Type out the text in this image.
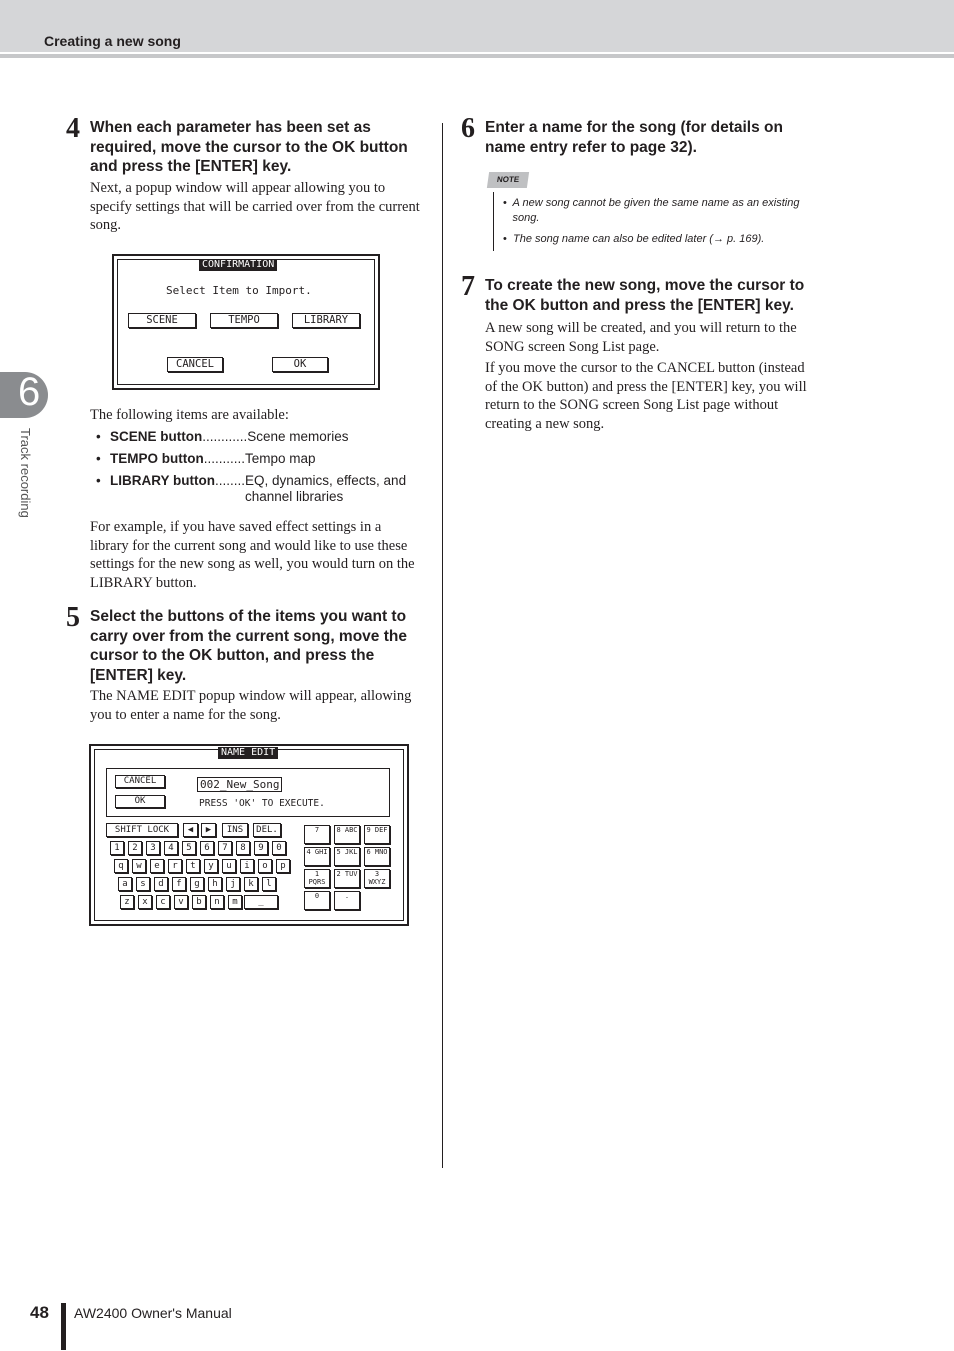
Creating a new song
6
Track recording
4 When each parameter has been set as required, move the cursor to the OK button and press the [ENTER] key.
Next, a popup window will appear allowing you to specify settings that will be carried over from the current song.
CONFIRMATION
Select Item to Import.
SCENE	TEMPO	LIBRARY
CANCEL	OK
The following items are available:
• SCENE button ............ Scene memories
• TEMPO button ........... Tempo map
• LIBRARY button ........ EQ, dynamics, effects, and channel libraries
For example, if you have saved effect settings in a library for the current song and would like to use these settings for the new song as well, you would turn on the LIBRARY button.
5 Select the buttons of the items you want to carry over from the current song, move the cursor to the OK button, and press the [ENTER] key.
The NAME EDIT popup window will appear, allowing you to enter a name for the song.
NAME EDIT
CANCEL
OK
002_New_Song
PRESS 'OK' TO EXECUTE.
SHIFT LOCK	◀	▶	INS	DEL.
1	2	3	4	5	6	7	8	9	0
q	w	e	r	t	y	u	i	o	p
a	s	d	f	g	h	j	k	l
z	x	c	v	b	n	m	_
7	8 ABC	9 DEF
4 GHI	5 JKL	6 MNO
1 PQRS
2 TUV	3 WXYZ
0	.
6 Enter a name for the song (for details on name entry refer to page 32).
NOTE
• A new song cannot be given the same name as an existing song.
• The song name can also be edited later (→ p. 169).
7 To create the new song, move the cursor to the OK button and press the [ENTER] key.
A new song will be created, and you will return to the SONG screen Song List page.
If you move the cursor to the CANCEL button (instead of the OK button) and press the [ENTER] key, you will return to the SONG screen Song List page without creating a new song.
48 AW2400 Owner's Manual
